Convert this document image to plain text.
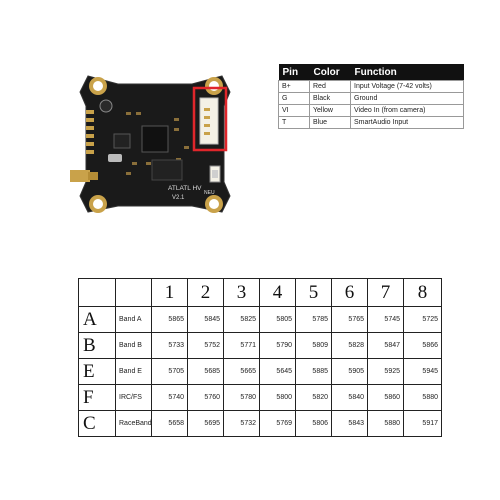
ATLATL HV
V2.1
NEU
Pin	Color	Function
B+	Red	Input Voltage (7-42 volts)
G	Black	Ground
VI	Yellow	Video In (from camera)
T	Blue	SmartAudio Input
		1	2	3	4	5	6	7	8
A	Band A	5865	5845	5825	5805	5785	5765	5745	5725
B	Band B	5733	5752	5771	5790	5809	5828	5847	5866
E	Band E	5705	5685	5665	5645	5885	5905	5925	5945
F	IRC/FS	5740	5760	5780	5800	5820	5840	5860	5880
C	RaceBand	5658	5695	5732	5769	5806	5843	5880	5917
